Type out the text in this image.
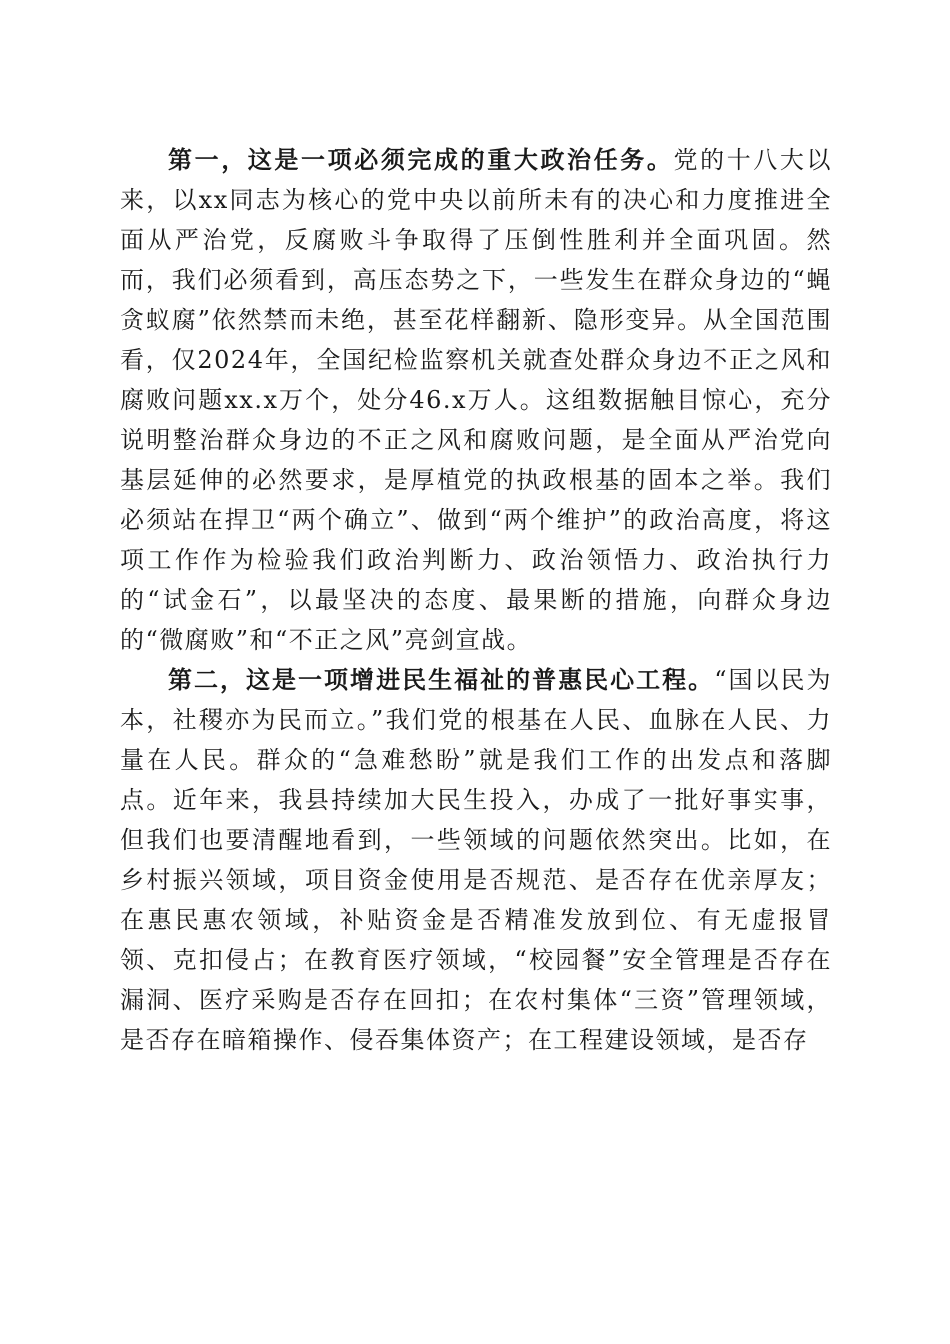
第一，这是一项必须完成的重大政治任务。党的十八大以来，以xx同志为核心的党中央以前所未有的决心和力度推进全面从严治党，反腐败斗争取得了压倒性胜利并全面巩固。然而，我们必须看到，高压态势之下，一些发生在群众身边的“蝇贪蚁腐”依然禁而未绝，甚至花样翻新、隐形变异。从全国范围看，仅2024年，全国纪检监察机关就查处群众身边不正之风和腐败问题xx.x万个，处分46.x万人。这组数据触目惊心，充分说明整治群众身边的不正之风和腐败问题，是全面从严治党向基层延伸的必然要求，是厚植党的执政根基的固本之举。我们必须站在捍卫“两个确立”、做到“两个维护”的政治高度，将这项工作作为检验我们政治判断力、政治领悟力、政治执行力的“试金石”，以最坚决的态度、最果断的措施，向群众身边的“微腐败”和“不正之风”亮剑宣战。

第二，这是一项增进民生福祉的普惠民心工程。“国以民为本，社稷亦为民而立。”我们党的根基在人民、血脉在人民、力量在人民。群众的“急难愁盼”就是我们工作的出发点和落脚点。近年来，我县持续加大民生投入，办成了一批好事实事，但我们也要清醒地看到，一些领域的问题依然突出。比如，在乡村振兴领域，项目资金使用是否规范、是否存在优亲厚友；在惠民惠农领域，补贴资金是否精准发放到位、有无虚报冒领、克扣侵占；在教育医疗领域，“校园餐”安全管理是否存在漏洞、医疗采购是否存在回扣；在农村集体“三资”管理领域，是否存在暗箱操作、侵吞集体资产；在工程建设领域，是否存
